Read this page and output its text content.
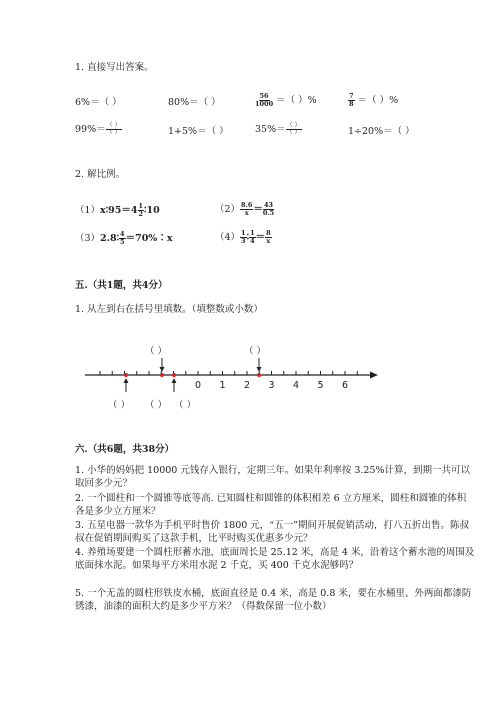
1. 直接写出答案。
6%＝（ ）	80%＝（ ）	$\frac{56}{1000}$ ＝（ ）%	$\frac{7}{8}$ ＝（ ）%
$99\%= \frac{( )}{( )}$	1+5%＝（ ）	$35\%= \frac{( )}{( )}$	1÷20%＝（ ）
2. 解比例。
（1）x∶95＝4 $\frac{1}{2}$ ∶10	$(2) \frac{8.6}{x} = \frac{43}{0.5}$
（3）2.8∶ $\frac{4}{5}$ ＝70%∶x	$(4) \frac{1}{3}$ ∶ $\frac{1}{4} = \frac{8}{x}$
五.（共1题，共4分）
1. 从左到右在括号里填数。（填整数或小数）
0 1 2 3 4 5 6
（ ）	（ ）
（ ） （ ） （ ）
六.（共6题，共38分）
1. 小华的妈妈把 10000 元钱存入银行，定期三年。如果年利率按 3.25%计算，到期一共可以取回多少元？
2. 一个圆柱和一个圆锥等底等高. 已知圆柱和圆锥的体积相差 6 立方厘米，圆柱和圆锥的体积各是多少立方厘米？
3. 五星电器一款华为手机平时售价 1800 元，“五一”期间开展促销活动，打八五折出售。陈叔叔在促销期间购买了这款手机，比平时购买优惠多少元？
4. 养殖场要建一个圆柱形蓄水池，底面周长是 25.12 米，高是 4 米，沿着这个蓄水池的周围及底面抹水泥。如果每平方米用水泥 2 千克，买 400 千克水泥够吗？
5. 一个无盖的圆柱形铁皮水桶，底面直径是 0.4 米，高是 0.8 米，要在水桶里、外两面都漆防锈漆，油漆的面积大约是多少平方米？（得数保留一位小数）
